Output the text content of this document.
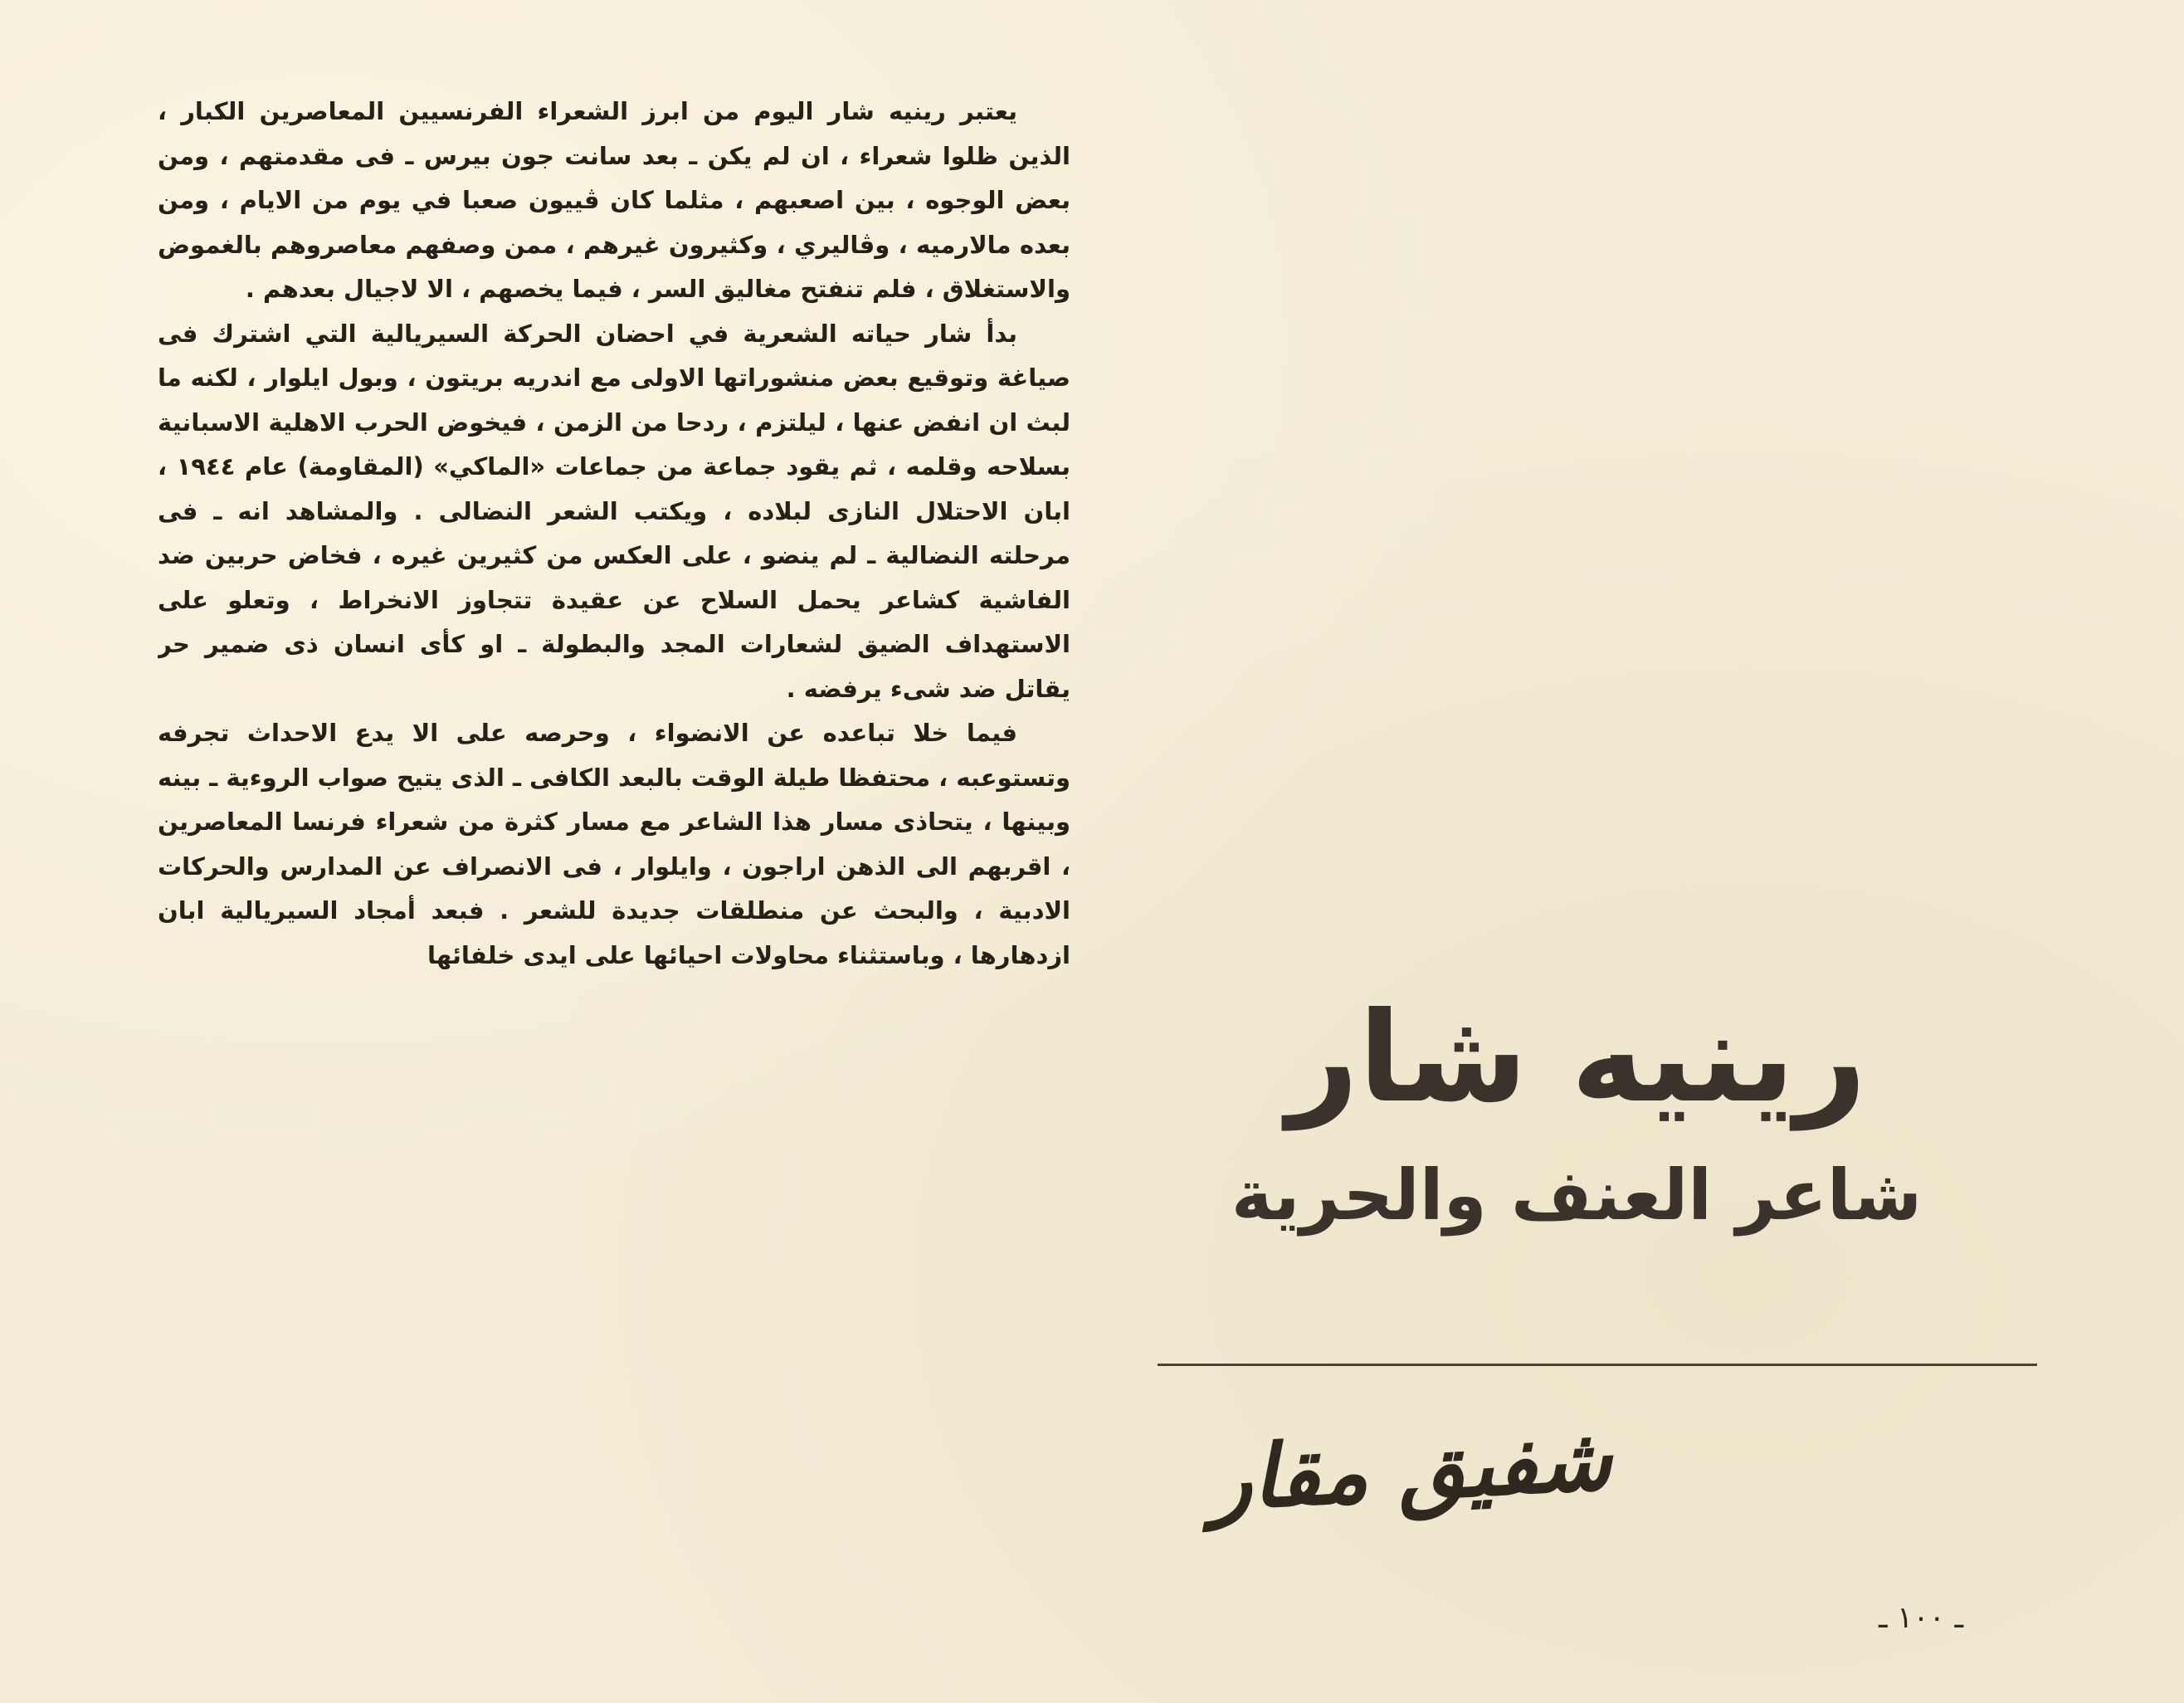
يعتبر رينيه شار اليوم من ابرز الشعراء الفرنسيين المعاصرين الكبار ، الذين ظلوا شعراء ، ان لم يكن ـ بعد سانت جون بيرس ـ فى مقدمتهم ، ومن بعض الوجوه ، بين اصعبهم ، مثلما كان ڤييون صعبا في يوم من الايام ، ومن بعده مالارميه ، وڤاليري ، وكثيرون غيرهم ، ممن وصفهم معاصروهم بالغموض والاستغلاق ، فلم تنفتح مغاليق السر ، فيما يخصهم ، الا لاجيال بعدهم .

بدأ شار حياته الشعرية في احضان الحركة السيريالية التي اشترك فى صياغة وتوقيع بعض منشوراتها الاولى مع اندريه بريتون ، وبول ايلوار ، لكنه ما لبث ان انفض عنها ، ليلتزم ، ردحا من الزمن ، فيخوض الحرب الاهلية الاسبانية بسلاحه وقلمه ، ثم يقود جماعة من جماعات «الماكي» (المقاومة) عام ١٩٤٤ ، ابان الاحتلال النازى لبلاده ، ويكتب الشعر النضالى . والمشاهد انه ـ فى مرحلته النضالية ـ لم ينضو ، على العكس من كثيرين غيره ، فخاض حربين ضد الفاشية كشاعر يحمل السلاح عن عقيدة تتجاوز الانخراط ، وتعلو على الاستهداف الضيق لشعارات المجد والبطولة ـ او كأى انسان ذى ضمير حر يقاتل ضد شىء يرفضه .

فيما خلا تباعده عن الانضواء ، وحرصه على الا يدع الاحداث تجرفه وتستوعبه ، محتفظا طيلة الوقت بالبعد الكافى ـ الذى يتيح صواب الروءية ـ بينه وبينها ، يتحاذى مسار هذا الشاعر مع مسار كثرة من شعراء فرنسا المعاصرين ، اقربهم الى الذهن اراجون ، وايلوار ، فى الانصراف عن المدارس والحركات الادبية ، والبحث عن منطلقات جديدة للشعر . فبعد أمجاد السيريالية ابان ازدهارها ، وباستثناء محاولات احيائها على ايدى خلفائها

رينيه شار
شاعر العنف والحرية
شفيق مقار
ـ ١٠٠ ـ
